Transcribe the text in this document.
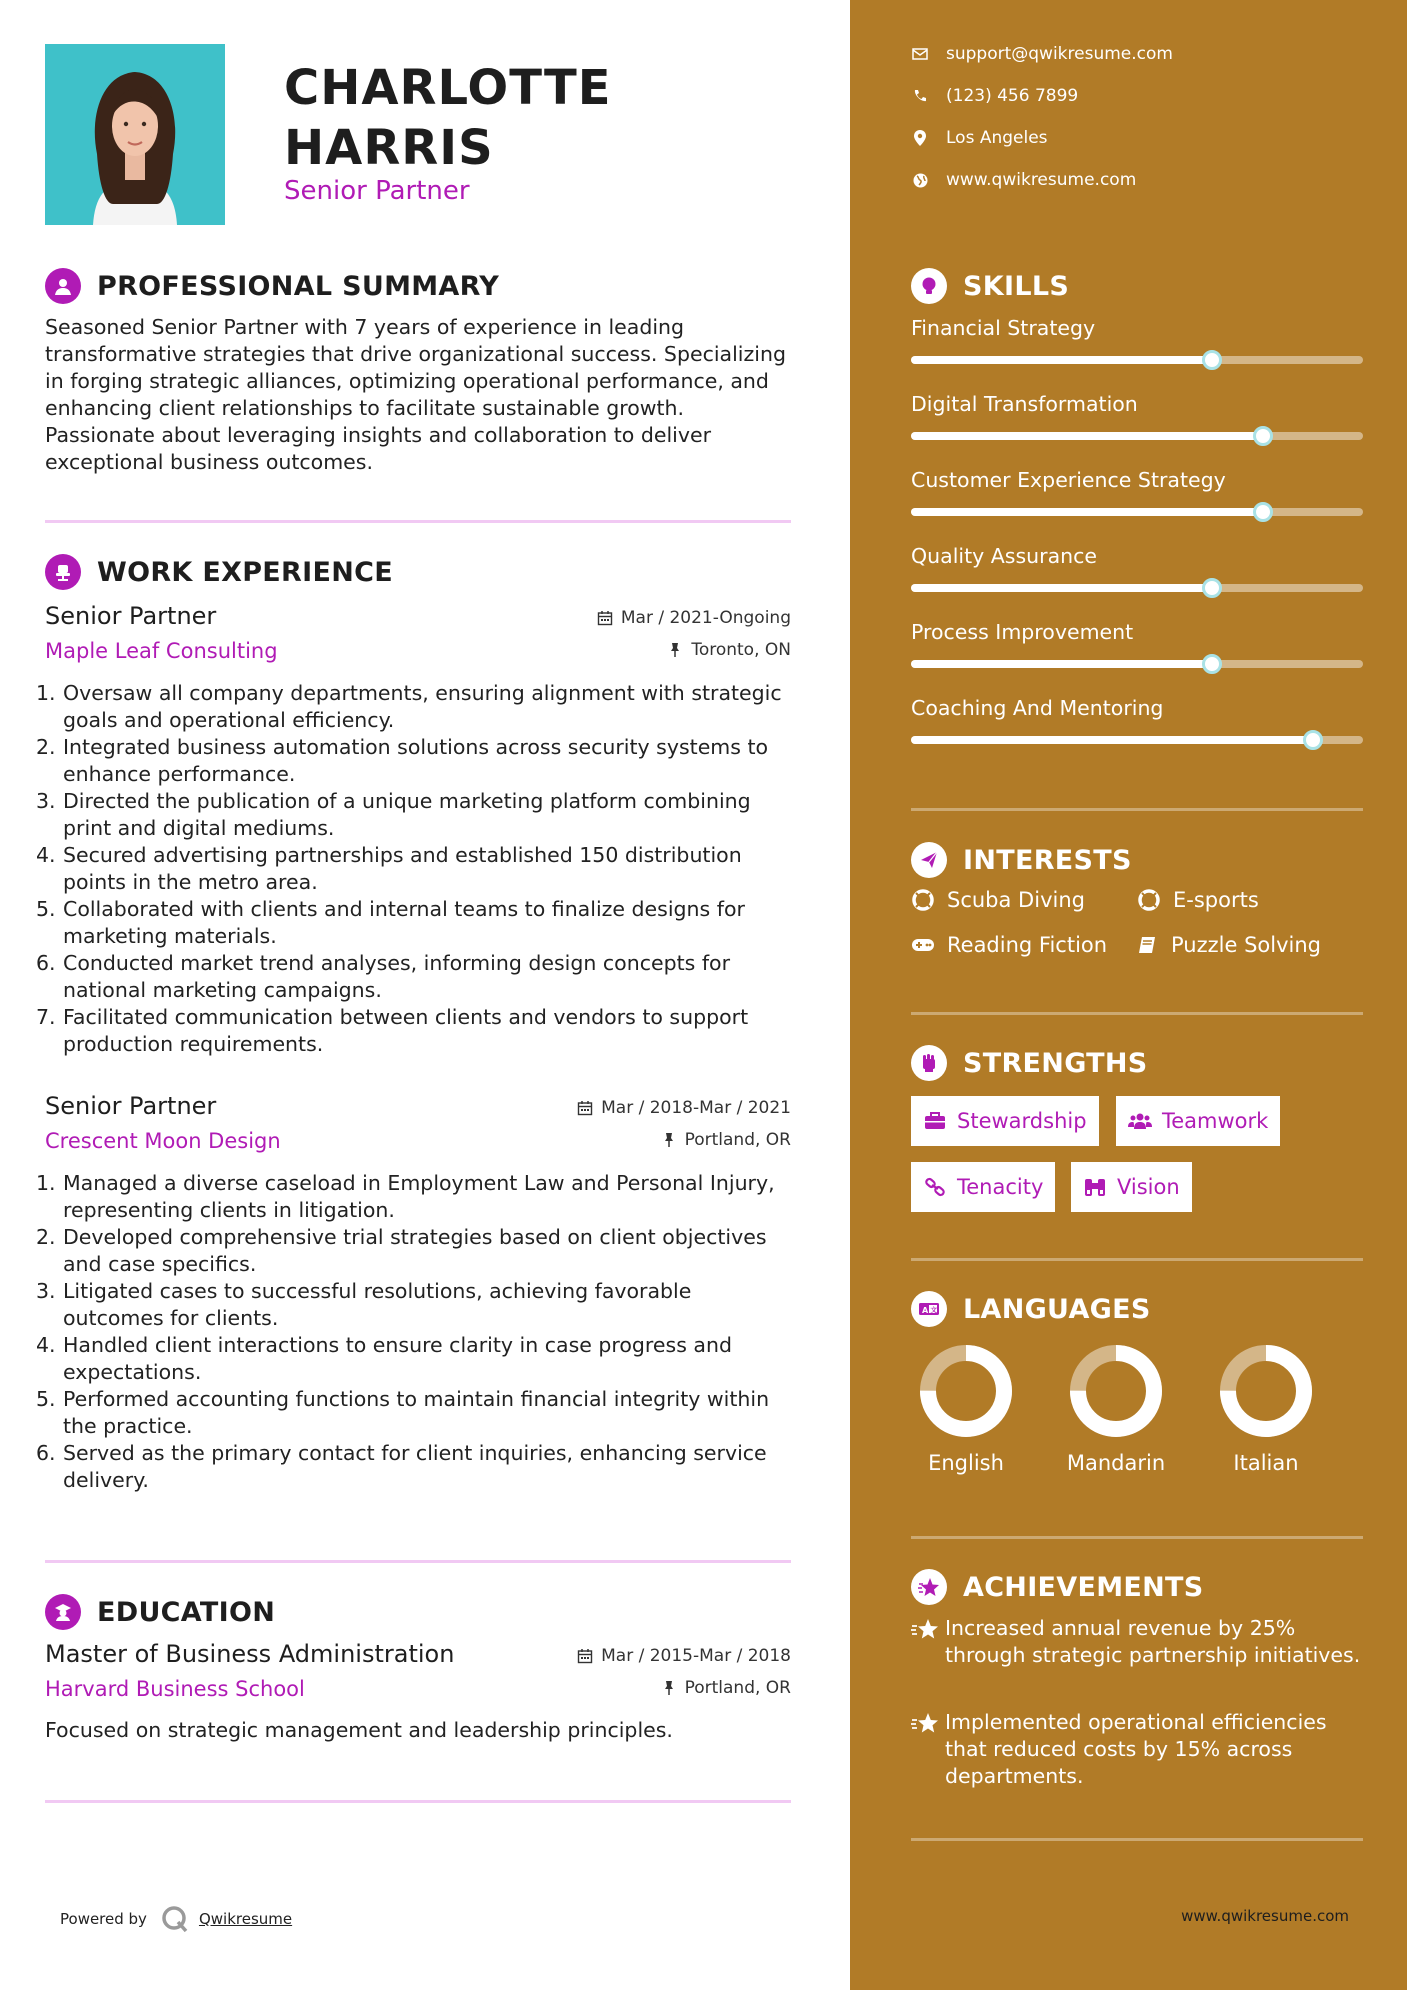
CHARLOTTE
HARRIS
Senior Partner
PROFESSIONAL SUMMARY
Seasoned Senior Partner with 7 years of experience in leading transformative strategies that drive organizational success. Specializing in forging strategic alliances, optimizing operational performance, and enhancing client relationships to facilitate sustainable growth. Passionate about leveraging insights and collaboration to deliver exceptional business outcomes.
WORK EXPERIENCE
Senior Partner
Maple Leaf Consulting
Mar / 2021-Ongoing
Toronto, ON
1. Oversaw all company departments, ensuring alignment with strategic goals and operational efficiency.
2. Integrated business automation solutions across security systems to enhance performance.
3. Directed the publication of a unique marketing platform combining print and digital mediums.
4. Secured advertising partnerships and established 150 distribution points in the metro area.
5. Collaborated with clients and internal teams to finalize designs for marketing materials.
6. Conducted market trend analyses, informing design concepts for national marketing campaigns.
7. Facilitated communication between clients and vendors to support production requirements.
Senior Partner
Crescent Moon Design
Mar / 2018-Mar / 2021
Portland, OR
1. Managed a diverse caseload in Employment Law and Personal Injury, representing clients in litigation.
2. Developed comprehensive trial strategies based on client objectives and case specifics.
3. Litigated cases to successful resolutions, achieving favorable outcomes for clients.
4. Handled client interactions to ensure clarity in case progress and expectations.
5. Performed accounting functions to maintain financial integrity within the practice.
6. Served as the primary contact for client inquiries, enhancing service delivery.
EDUCATION
Master of Business Administration
Harvard Business School
Mar / 2015-Mar / 2018
Portland, OR
Focused on strategic management and leadership principles.
Powered by	Qwikresume	www.qwikresume.com
support@qwikresume.com
(123) 456 7899
Los Angeles
www.qwikresume.com
SKILLS
Financial Strategy
Digital Transformation
Customer Experience Strategy
Quality Assurance
Process Improvement
Coaching And Mentoring
INTERESTS
Scuba Diving	E-sports
Reading Fiction	Puzzle Solving
STRENGTHS
Stewardship	Teamwork
Tenacity	Vision
A 文 LANGUAGES
English	Mandarin	Italian
ACHIEVEMENTS
Increased annual revenue by 25% through strategic partnership initiatives.
Implemented operational efficiencies that reduced costs by 15% across departments.
